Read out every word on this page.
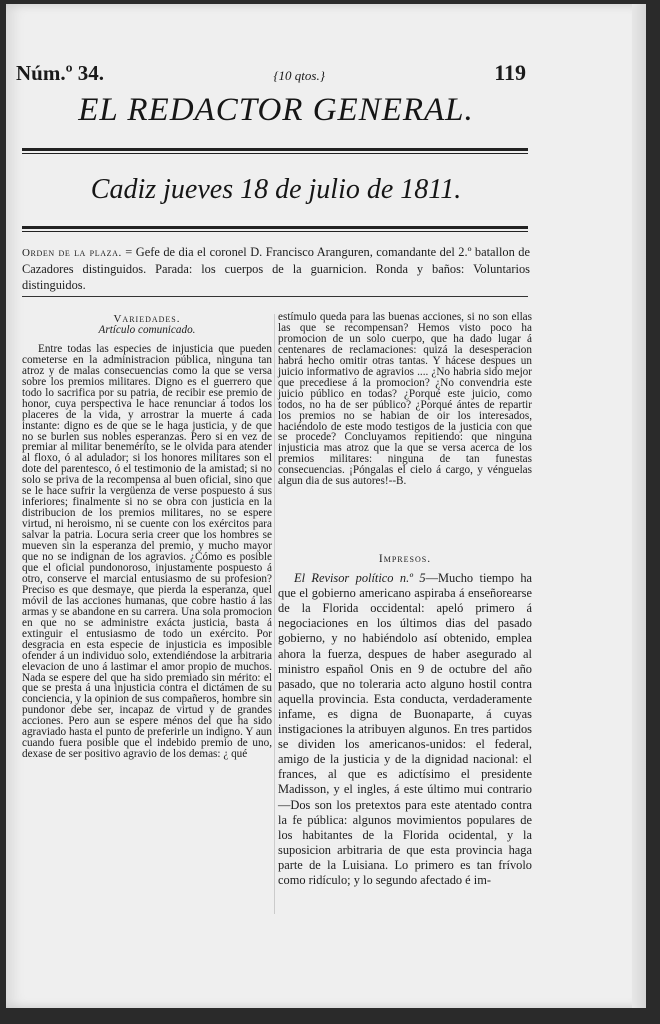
Núm.º 34.	{10 qtos.}	119
EL REDACTOR GENERAL.
Cadiz jueves 18 de julio de 1811.
Orden de la plaza. = Gefe de dia el coronel D. Francisco Aranguren, comandante del 2.º batallon de Cazadores distinguidos. Parada: los cuerpos de la guarnicion. Ronda y baños: Voluntarios distinguidos.
Variedades.
Artículo comunicado.

Entre todas las especies de injusticia que pueden cometerse en la administracion pública, ninguna tan atroz y de malas consecuencias como la que se versa sobre los premios militares. Digno es el guerrero que todo lo sacrifica por su patria, de recibir ese premio de honor, cuya perspectiva le hace renunciar á todos los placeres de la vida, y arrostrar la muerte á cada instante: digno es de que se le haga justicia, y de que no se burlen sus nobles esperanzas. Pero si en vez de premiar al militar benemérito, se le olvida para atender al floxo, ó al adulador; si los honores militares son el dote del parentesco, ó el testimonio de la amistad; si no solo se priva de la recompensa al buen oficial, sino que se le hace sufrir la vergüenza de verse pospuesto á sus inferiores; finalmente si no se obra con justicia en la distribucion de los premios militares, no se espere virtud, ni heroismo, ni se cuente con los exércitos para salvar la patria. Locura seria creer que los hombres se mueven sin la esperanza del premio, y mucho mayor que no se indignan de los agravios. ¿Cómo es posible que el oficial pundonoroso, injustamente pospuesto á otro, conserve el marcial entusiasmo de su profesion? Preciso es que desmaye, que pierda la esperanza, quel móvil de las acciones humanas, que cobre hastio á las armas y se abandone en su carrera. Una sola promocion en que no se administre exácta justicia, basta á extinguir el entusiasmo de todo un exército. Por desgracia en esta especie de injusticia es imposible ofender á un individuo solo, extendiéndose la arbitraria elevacion de uno á lastimar el amor propio de muchos. Nada se espere del que ha sido premiado sin mérito: el que se presta á una injusticia contra el dictámen de su conciencia, y la opinion de sus compañeros, hombre sin pundonor debe ser, incapaz de virtud y de grandes acciones. Pero aun se espere ménos del que ha sido agraviado hasta el punto de preferirle un indigno. Y aun cuando fuera posible que el indebido premio de uno, dexase de ser positivo agravio de los demas: ¿ qué

estímulo queda para las buenas acciones, si no son ellas las que se recompensan? Hemos visto poco ha promocion de un solo cuerpo, que ha dado lugar á centenares de reclamaciones: quizá la desesperacion habrá hecho omitir otras tantas. Y hácese despues un juicio informativo de agravios .... ¿No habria sido mejor que precediese á la promocion? ¿No convendria este juicio público en todas? ¿Porqué este juicio, como todos, no ha de ser público? ¿Porqué ántes de repartir los premios no se habian de oir los interesados, haciéndolo de este modo testigos de la justicia con que se procede? Concluyamos repitiendo: que ninguna injusticia mas atroz que la que se versa acerca de los premios militares: ninguna de tan funestas consecuencias. ¡Póngalas el cielo á cargo, y vénguelas algun dia de sus autores!--B.

Impresos.

El Revisor político n.º 5—Mucho tiempo ha que el gobierno americano aspiraba á enseñorearse de la Florida occidental: apeló primero á negociaciones en los últimos dias del pasado gobierno, y no habiéndolo así obtenido, emplea ahora la fuerza, despues de haber asegurado al ministro español Onis en 9 de octubre del año pasado, que no toleraria acto alguno hostil contra aquella provincia. Esta conducta, verdaderamente infame, es digna de Buonaparte, á cuyas instigaciones la atribuyen algunos. En tres partidos se dividen los americanos-unidos: el federal, amigo de la justicia y de la dignidad nacional: el frances, al que es adictísimo el presidente Madisson, y el ingles, á este último mui contrario—Dos son los pretextos para este atentado contra la fe pública: algunos movimientos populares de los habitantes de la Florida ocidental, y la suposicion arbitraria de que esta provincia haga parte de la Luisiana. Lo primero es tan frívolo como ridículo; y lo segundo afectado é im-
